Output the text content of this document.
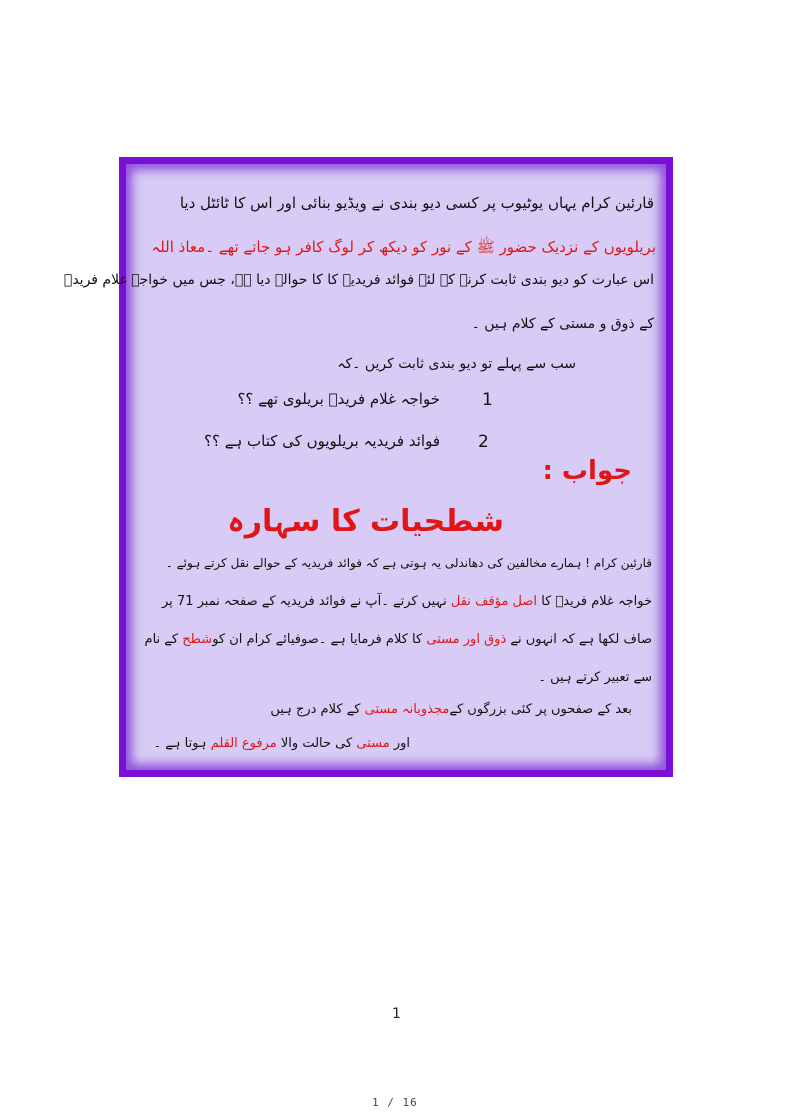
قارئین کرام یہاں یوٹیوب پر کسی دیو بندی نے ویڈیو بنائی اور اس کا ٹائٹل دیا
بریلویوں کے نزدیک حضور ﷺ کے نور کو دیکھ کر لوگ کافر ہو جاتے تھے ۔معاذ اللہ
اس عبارت کو دیو بندی ثابت کرنے کے لئے فوائد فریدیہ کا کا حوالہ دیا ہے، جس میں خواجہ غلام فریدؒ
کے ذوق و مستی کے کلام ہیں ۔
سب سے پہلے تو دیو بندی ثابت کریں ۔کہ
1
خواجہ غلام فریدؒ بریلوی تھے ؟؟
2
فوائد فریدیہ بریلویوں کی کتاب ہے ؟؟
جواب :
شطحیات کا سہارہ
قارئین کرام ! ہمارے مخالفین کی دھاندلی یہ ہوتی ہے کہ فوائد فریدیہ کے حوالے نقل کرتے ہوئے ۔
خواجہ غلام فریدؒ کا اصل مؤقف نقل نہیں کرتے ۔آپ نے فوائد فریدیہ کے صفحہ نمبر 71 پر
صاف لکھا ہے کہ انہوں نے ذوق اور مستی کا کلام فرمایا ہے ۔صوفیائے کرام ان کوشطح کے نام
سے تعبیر کرتے ہیں ۔
بعد کے صفحوں پر کئی بزرگوں کےمجذوبانہ مستی کے کلام درج ہیں
اور مستی کی حالت والا مرفوع القلم ہوتا ہے ۔
1
1 / 16
